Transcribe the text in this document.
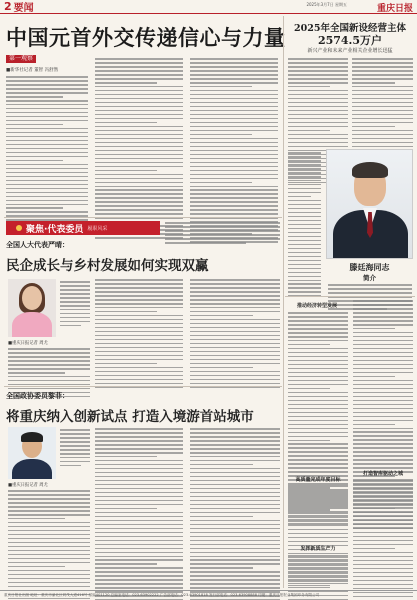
2 要闻	2025年3月7日 星期五	重庆日报
中国元首外交传递信心与力量
第一观察
■新华社记者 董智 冯舒然
2025年全国新设经营主体
2574.5万户
新兴产业和未来产业相关企业增长迅猛
滕廷海同志
简介
推动经济转型发展
高质量完成年度目标
打造智库驱动之城
发挥新质生产力
聚焦·代表委员 履职风采
全国人大代表严晴：
民企成长与乡村发展如何实现双赢
■重庆日报记者 周尤
全国政协委员黎菲：
将重庆纳入创新试点 打造入境游首站城市
■重庆日报记者 周尤
重庆日报社出版 地址：重庆市渝北区同茂大道416号 邮编401120 总编室电话：023-63902222 广告部电话：023-63901818 发行部电话：023-63908888 印刷：重庆日报报业集团印务有限公司
